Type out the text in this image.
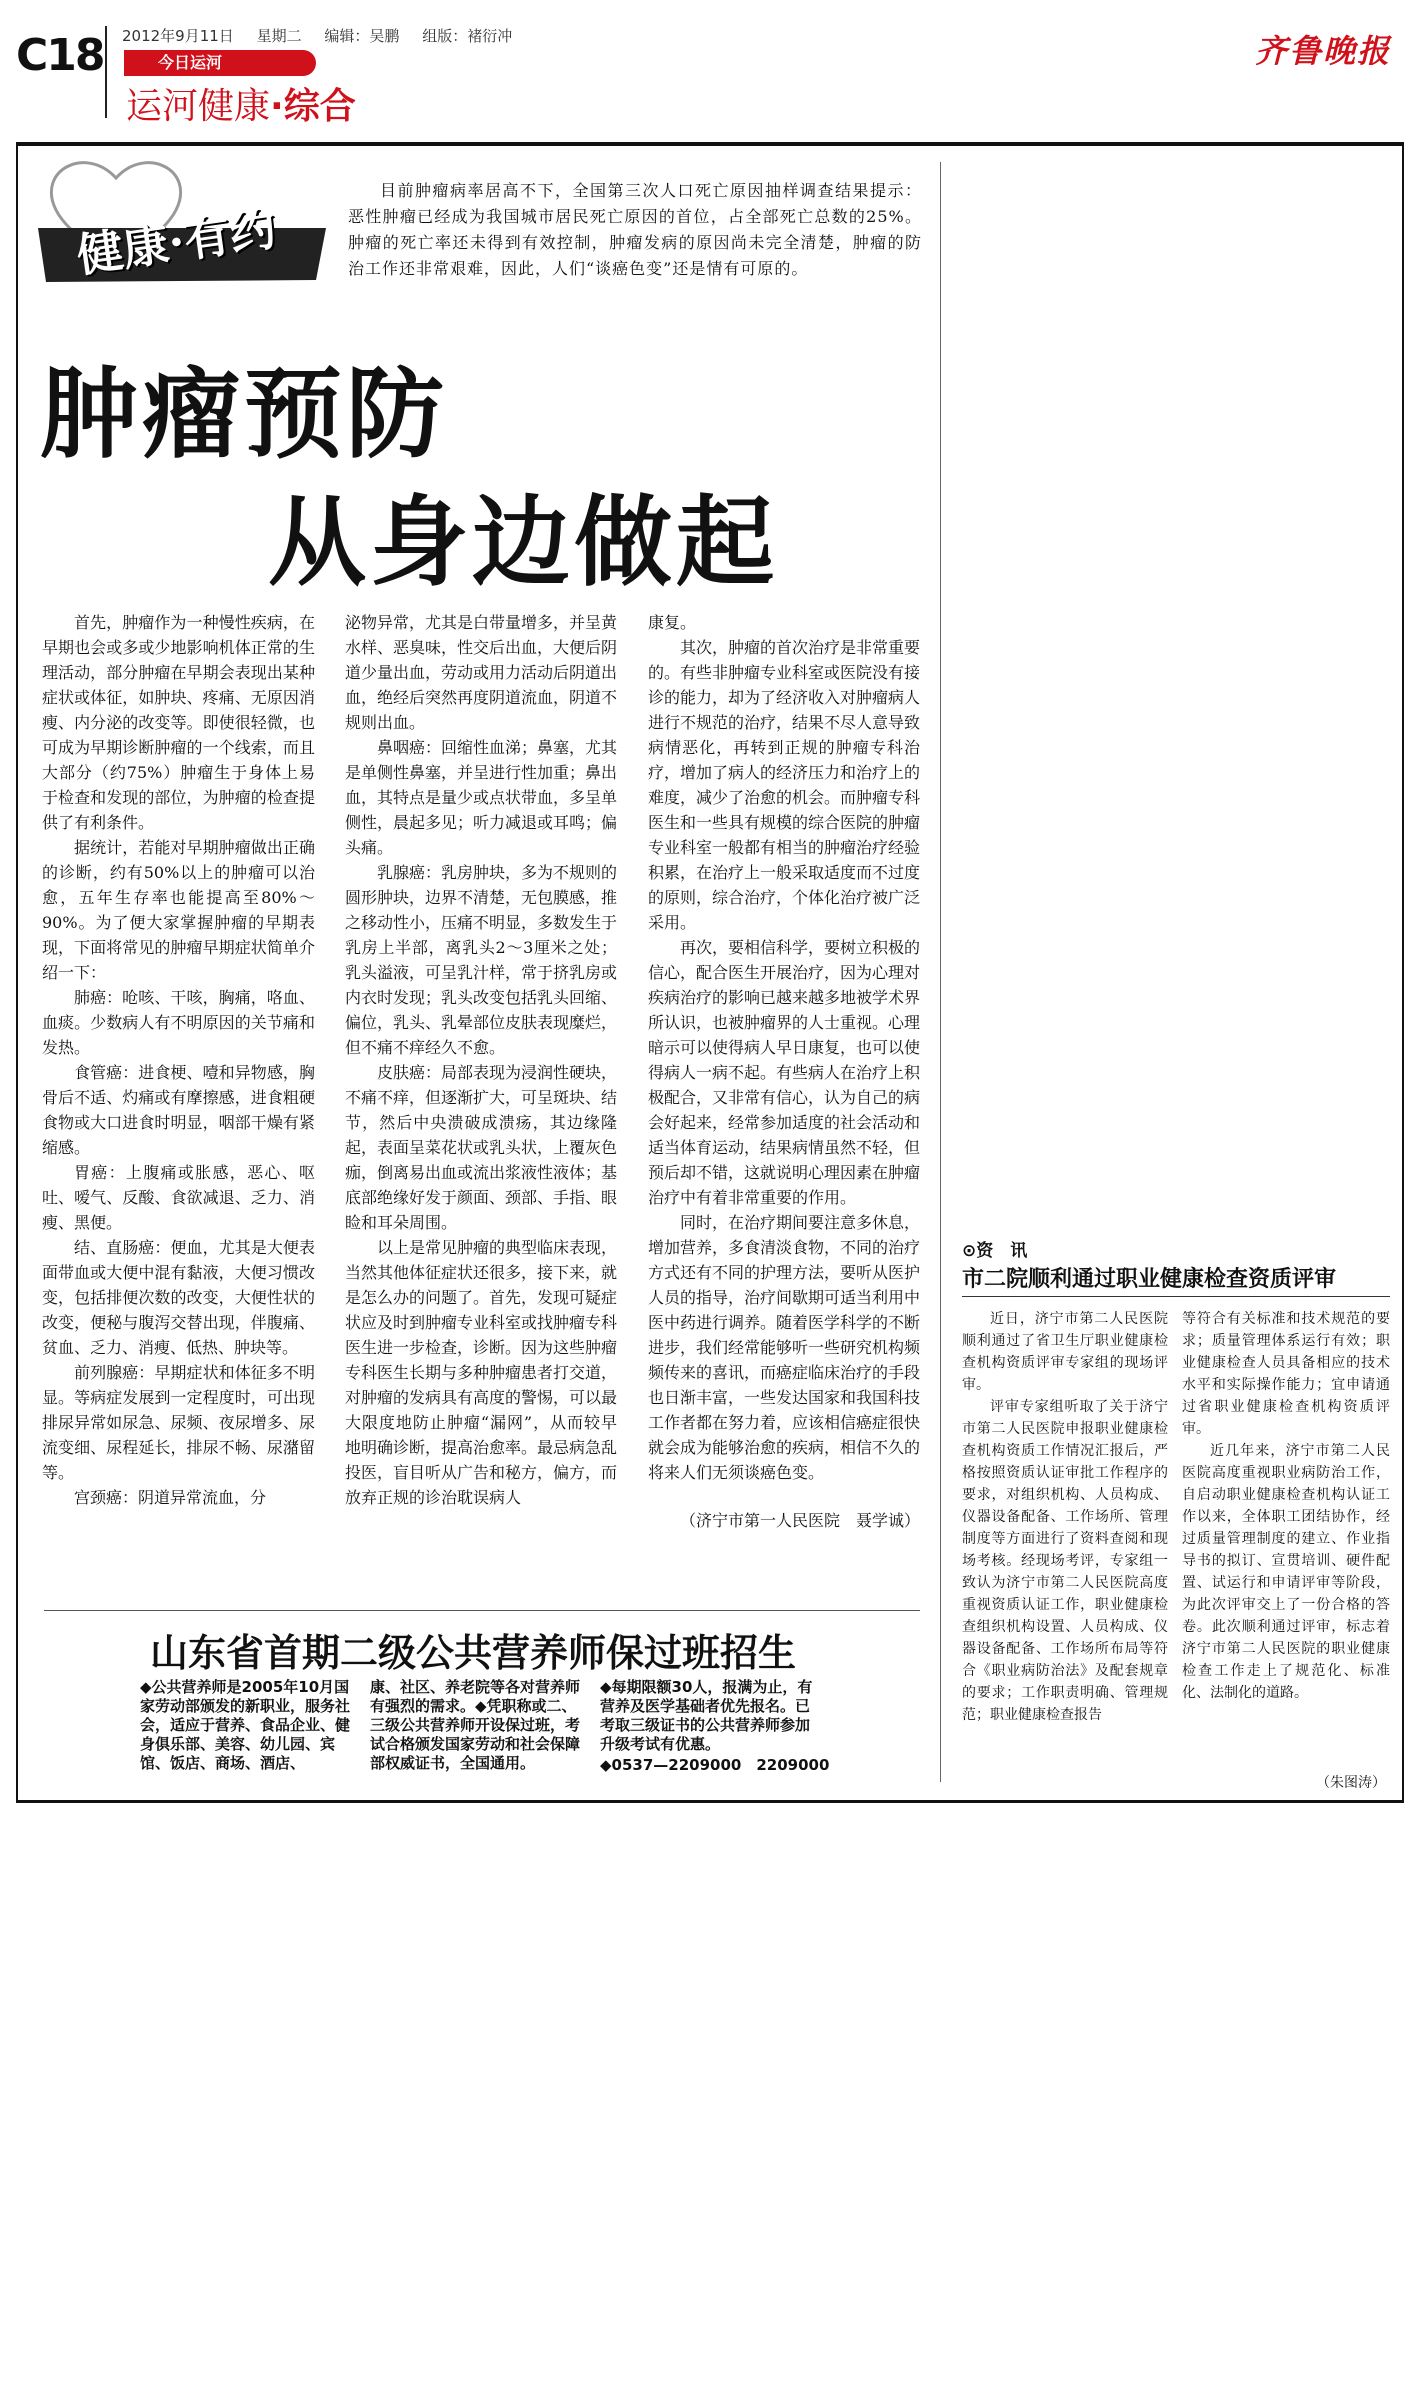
C18 2012年9月11日 星期二 编辑：吴鹏 组版：褚衍冲
今日运河
运河健康·综合
齐鲁晚报
健康·有约
目前肿瘤病率居高不下，全国第三次人口死亡原因抽样调查结果提示：恶性肿瘤已经成为我国城市居民死亡原因的首位，占全部死亡总数的25%。肿瘤的死亡率还未得到有效控制，肿瘤发病的原因尚未完全清楚，肿瘤的防治工作还非常艰难，因此，人们“谈癌色变”还是情有可原的。
肿瘤预防
从身边做起

首先，肿瘤作为一种慢性疾病，在早期也会或多或少地影响机体正常的生理活动，部分肿瘤在早期会表现出某种症状或体征，如肿块、疼痛、无原因消瘦、内分泌的改变等。即使很轻微，也可成为早期诊断肿瘤的一个线索，而且大部分（约75%）肿瘤生于身体上易于检查和发现的部位，为肿瘤的检查提供了有利条件。

据统计，若能对早期肿瘤做出正确的诊断，约有50%以上的肿瘤可以治愈，五年生存率也能提高至80%～90%。为了便大家掌握肿瘤的早期表现，下面将常见的肿瘤早期症状简单介绍一下：

肺癌：呛咳、干咳，胸痛，咯血、血痰。少数病人有不明原因的关节痛和发热。

食管癌：进食梗、噎和异物感，胸骨后不适、灼痛或有摩擦感，进食粗硬食物或大口进食时明显，咽部干燥有紧缩感。

胃癌：上腹痛或胀感，恶心、呕吐、嗳气、反酸、食欲减退、乏力、消瘦、黑便。

结、直肠癌：便血，尤其是大便表面带血或大便中混有黏液，大便习惯改变，包括排便次数的改变，大便性状的改变，便秘与腹泻交替出现，伴腹痛、贫血、乏力、消瘦、低热、肿块等。

前列腺癌：早期症状和体征多不明显。等病症发展到一定程度时，可出现排尿异常如尿急、尿频、夜尿增多、尿流变细、尿程延长，排尿不畅、尿潴留等。

宫颈癌：阴道异常流血，分

泌物异常，尤其是白带量增多，并呈黄水样、恶臭味，性交后出血，大便后阴道少量出血，劳动或用力活动后阴道出血，绝经后突然再度阴道流血，阴道不规则出血。

鼻咽癌：回缩性血涕；鼻塞，尤其是单侧性鼻塞，并呈进行性加重；鼻出血，其特点是量少或点状带血，多呈单侧性，晨起多见；听力减退或耳鸣；偏头痛。

乳腺癌：乳房肿块，多为不规则的圆形肿块，边界不清楚，无包膜感，推之移动性小，压痛不明显，多数发生于乳房上半部，离乳头2～3厘米之处；乳头溢液，可呈乳汁样，常于挤乳房或内衣时发现；乳头改变包括乳头回缩、偏位，乳头、乳晕部位皮肤表现糜烂，但不痛不痒经久不愈。

皮肤癌：局部表现为浸润性硬块，不痛不痒，但逐渐扩大，可呈斑块、结节，然后中央溃破成溃疡，其边缘隆起，表面呈菜花状或乳头状，上覆灰色痂，倒离易出血或流出浆液性液体；基底部绝缘好发于颜面、颈部、手指、眼睑和耳朵周围。

以上是常见肿瘤的典型临床表现，当然其他体征症状还很多，接下来，就是怎么办的问题了。首先，发现可疑症状应及时到肿瘤专业科室或找肿瘤专科医生进一步检查，诊断。因为这些肿瘤专科医生长期与多种肿瘤患者打交道，对肿瘤的发病具有高度的警惕，可以最大限度地防止肿瘤“漏网”，从而较早地明确诊断，提高治愈率。最忌病急乱投医，盲目听从广告和秘方，偏方，而放弃正规的诊治耽误病人

康复。

其次，肿瘤的首次治疗是非常重要的。有些非肿瘤专业科室或医院没有接诊的能力，却为了经济收入对肿瘤病人进行不规范的治疗，结果不尽人意导致病情恶化，再转到正规的肿瘤专科治疗，增加了病人的经济压力和治疗上的难度，减少了治愈的机会。而肿瘤专科医生和一些具有规模的综合医院的肿瘤专业科室一般都有相当的肿瘤治疗经验积累，在治疗上一般采取适度而不过度的原则，综合治疗，个体化治疗被广泛采用。

再次，要相信科学，要树立积极的信心，配合医生开展治疗，因为心理对疾病治疗的影响已越来越多地被学术界所认识，也被肿瘤界的人士重视。心理暗示可以使得病人早日康复，也可以使得病人一病不起。有些病人在治疗上积极配合，又非常有信心，认为自己的病会好起来，经常参加适度的社会活动和适当体育运动，结果病情虽然不轻，但预后却不错，这就说明心理因素在肿瘤治疗中有着非常重要的作用。

同时，在治疗期间要注意多休息，增加营养，多食清淡食物，不同的治疗方式还有不同的护理方法，要听从医护人员的指导，治疗间歇期可适当利用中医中药进行调养。随着医学科学的不断进步，我们经常能够听一些研究机构频频传来的喜讯，而癌症临床治疗的手段也日渐丰富，一些发达国家和我国科技工作者都在努力着，应该相信癌症很快就会成为能够治愈的疾病，相信不久的将来人们无须谈癌色变。

（济宁市第一人民医院　聂学诚）
山东省首期二级公共营养师保过班招生
◆公共营养师是2005年10月国家劳动部颁发的新职业，服务社会，适应于营养、食品企业、健身俱乐部、美容、幼儿园、宾馆、饭店、商场、酒店、
康、社区、养老院等各对营养师有强烈的需求。◆凭职称或二、三级公共营养师开设保过班，考试合格颁发国家劳动和社会保障部权威证书，全国通用。
◆每期限额30人，报满为止，有营养及医学基础者优先报名。已考取三级证书的公共营养师参加升级考试有优惠。
◆0537—2209000　2209000
⊙资　讯
市二院顺利通过职业健康检查资质评审

近日，济宁市第二人民医院顺利通过了省卫生厅职业健康检查机构资质评审专家组的现场评审。

评审专家组听取了关于济宁市第二人民医院申报职业健康检查机构资质工作情况汇报后，严格按照资质认证审批工作程序的要求，对组织机构、人员构成、仪器设备配备、工作场所、管理制度等方面进行了资料查阅和现场考核。经现场考评，专家组一致认为济宁市第二人民医院高度重视资质认证工作，职业健康检查组织机构设置、人员构成、仪器设备配备、工作场所布局等符合《职业病防治法》及配套规章的要求；工作职责明确、管理规范；职业健康检查报告

等符合有关标准和技术规范的要求；质量管理体系运行有效；职业健康检查人员具备相应的技术水平和实际操作能力；宜申请通过省职业健康检查机构资质评审。

近几年来，济宁市第二人民医院高度重视职业病防治工作，自启动职业健康检查机构认证工作以来，全体职工团结协作，经过质量管理制度的建立、作业指导书的拟订、宣贯培训、硬件配置、试运行和申请评审等阶段，为此次评审交上了一份合格的答卷。此次顺利通过评审，标志着济宁市第二人民医院的职业健康检查工作走上了规范化、标准化、法制化的道路。

（朱图涛）
